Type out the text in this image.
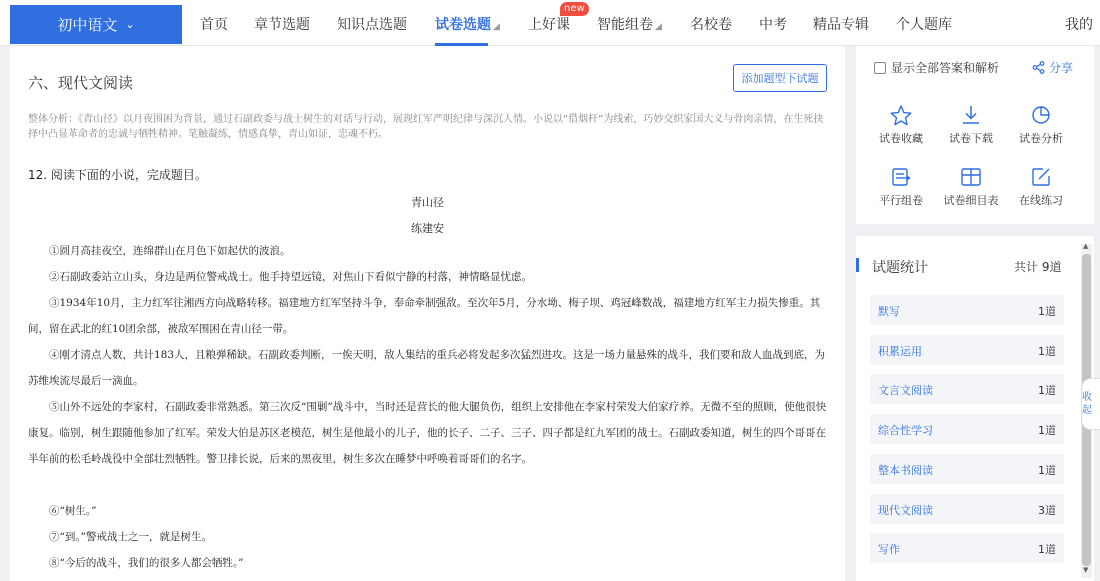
初中语文 ⌄	首页 章节选题 知识点选题 试卷选题 ◢ 上好课
new
智能组卷 ◢ 名校卷 中考 精品专辑 个人题库	我的
六、现代文阅读	添加题型下试题
整体分析：《青山径》以月夜围困为背景，通过石副政委与战士树生的对话与行动，展现红军严明纪律与深沉人情。小说以“借烟杆”为线索，巧妙交织家国大义与骨肉亲情，在生死抉择中凸显革命者的忠诚与牺牲精神。笔触凝练，情感真挚，青山如证，忠魂不朽。
12. 阅读下面的小说，完成题目。
青山径
练建安
①圆月高挂夜空，连绵群山在月色下如起伏的波浪。
②石副政委站立山头，身边是两位警戒战士。他手持望远镜，对焦山下看似宁静的村落，神情略显忧虑。
③1934年10月，主力红军往湘西方向战略转移。福建地方红军坚持斗争，奉命牵制强敌。至次年5月，分水坳、梅子坝、鸡冠峰数战，福建地方红军主力损失惨重。其间，留在武北的红10团余部，被敌军围困在青山径一带。
④刚才清点人数，共计183人，且粮弹稀缺。石副政委判断，一俟天明，敌人集结的重兵必将发起多次猛烈进攻。这是一场力量悬殊的战斗，我们要和敌人血战到底，为苏维埃流尽最后一滴血。
⑤山外不远处的李家村，石副政委非常熟悉。第三次反“围剿”战斗中，当时还是营长的他大腿负伤，组织上安排他在李家村荣发大伯家疗养。无微不至的照顾，使他很快康复。临别，树生跟随他参加了红军。荣发大伯是苏区老模范，树生是他最小的儿子，他的长子、二子、三子、四子都是红九军团的战士。石副政委知道，树生的四个哥哥在半年前的松毛岭战役中全部壮烈牺牲。警卫排长说，后来的黑夜里，树生多次在睡梦中呼唤着哥哥们的名字。
⑥“树生。”
⑦“到。”警戒战士之一，就是树生。
⑧“今后的战斗，我们的很多人都会牺牲。”
显示全部答案和解析	分享
试卷收藏	试卷下载	试卷分析
平行组卷	试卷细目表	在线练习
试题统计	共计 9道
默写	1道
积累运用	1道
文言文阅读	1道
综合性学习	1道
整本书阅读	1道
现代文阅读	3道
写作	1道
▲
▼
收起
